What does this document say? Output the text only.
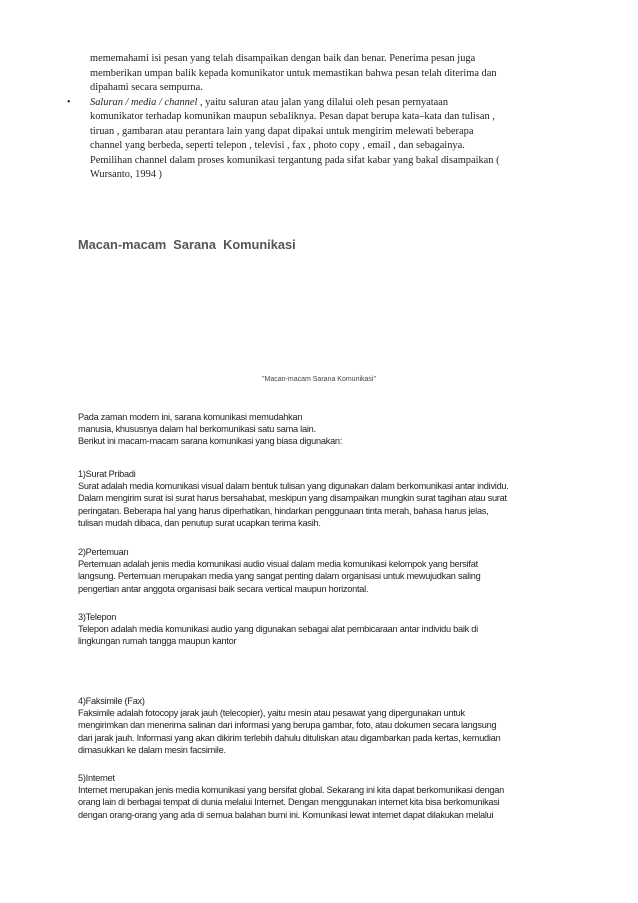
mememahami isi pesan yang telah disampaikan dengan baik dan benar. Penerima pesan juga
memberikan umpan balik kepada komunikator untuk memastikan bahwa pesan telah diterima dan
dipahami secara sempurna.

• Saluran / media / channel , yaitu saluran atau jalan yang dilalui oleh pesan pernyataan
komunikator terhadap komunikan maupun sebaliknya. Pesan dapat berupa kata–kata dan tulisan ,
tiruan , gambaran atau perantara lain yang dapat dipakai untuk mengirim melewati beberapa
channel yang berbeda, seperti telepon , televisi , fax , photo copy , email , dan sebagainya.
Pemilihan channel dalam proses komunikasi tergantung pada sifat kabar yang bakal disampaikan (
Wursanto, 1994 )
Macan-macam  Sarana  Komunikasi
"Macan-macam Sarana Komunikasi"
Pada zaman modern ini, sarana komunikasi memudahkan
manusia, khususnya dalam hal berkomunikasi satu sama lain.
Berikut ini macam-macam sarana komunikasi yang biasa digunakan:
1)Surat Pribadi
Surat adalah media komunikasi visual dalam bentuk tulisan yang digunakan dalam berkomunikasi antar individu.
Dalam mengirim surat isi surat harus bersahabat, meskipun yang disampaikan mungkin surat tagihan atau surat
peringatan. Beberapa hal yang harus diperhatikan, hindarkan penggunaan tinta merah, bahasa harus jelas,
tulisan mudah dibaca, dan penutup surat ucapkan terima kasih.
2)Pertemuan
Pertemuan adalah jenis media komunikasi audio visual dalam media komunikasi kelompok yang bersifat
langsung. Pertemuan merupakan media yang sangat penting dalam organisasi untuk mewujudkan saling
pengertian antar anggota organisasi baik secara vertical maupun horizontal.
3)Telepon
Telepon adalah media komunikasi audio yang digunakan sebagai alat pembicaraan antar individu baik di
lingkungan rumah tangga maupun kantor
4)Faksimile (Fax)
Faksimile adalah fotocopy jarak jauh (telecopier), yaitu mesin atau pesawat yang dipergunakan untuk
mengirimkan dan menerima salinan dari informasi yang berupa gambar, foto, atau dokumen secara langsung
dari jarak jauh. Informasi yang akan dikirim terlebih dahulu dituliskan atau digambarkan pada kertas, kemudian
dimasukkan ke dalam mesin facsimile.
5)Internet
Internet merupakan jenis media komunikasi yang bersifat global. Sekarang ini kita dapat berkomunikasi dengan
orang lain di berbagai tempat di dunia melalui Internet. Dengan menggunakan internet kita bisa berkomunikasi
dengan orang-orang yang ada di semua balahan bumi ini. Komunikasi lewat internet dapat dilakukan melalui
